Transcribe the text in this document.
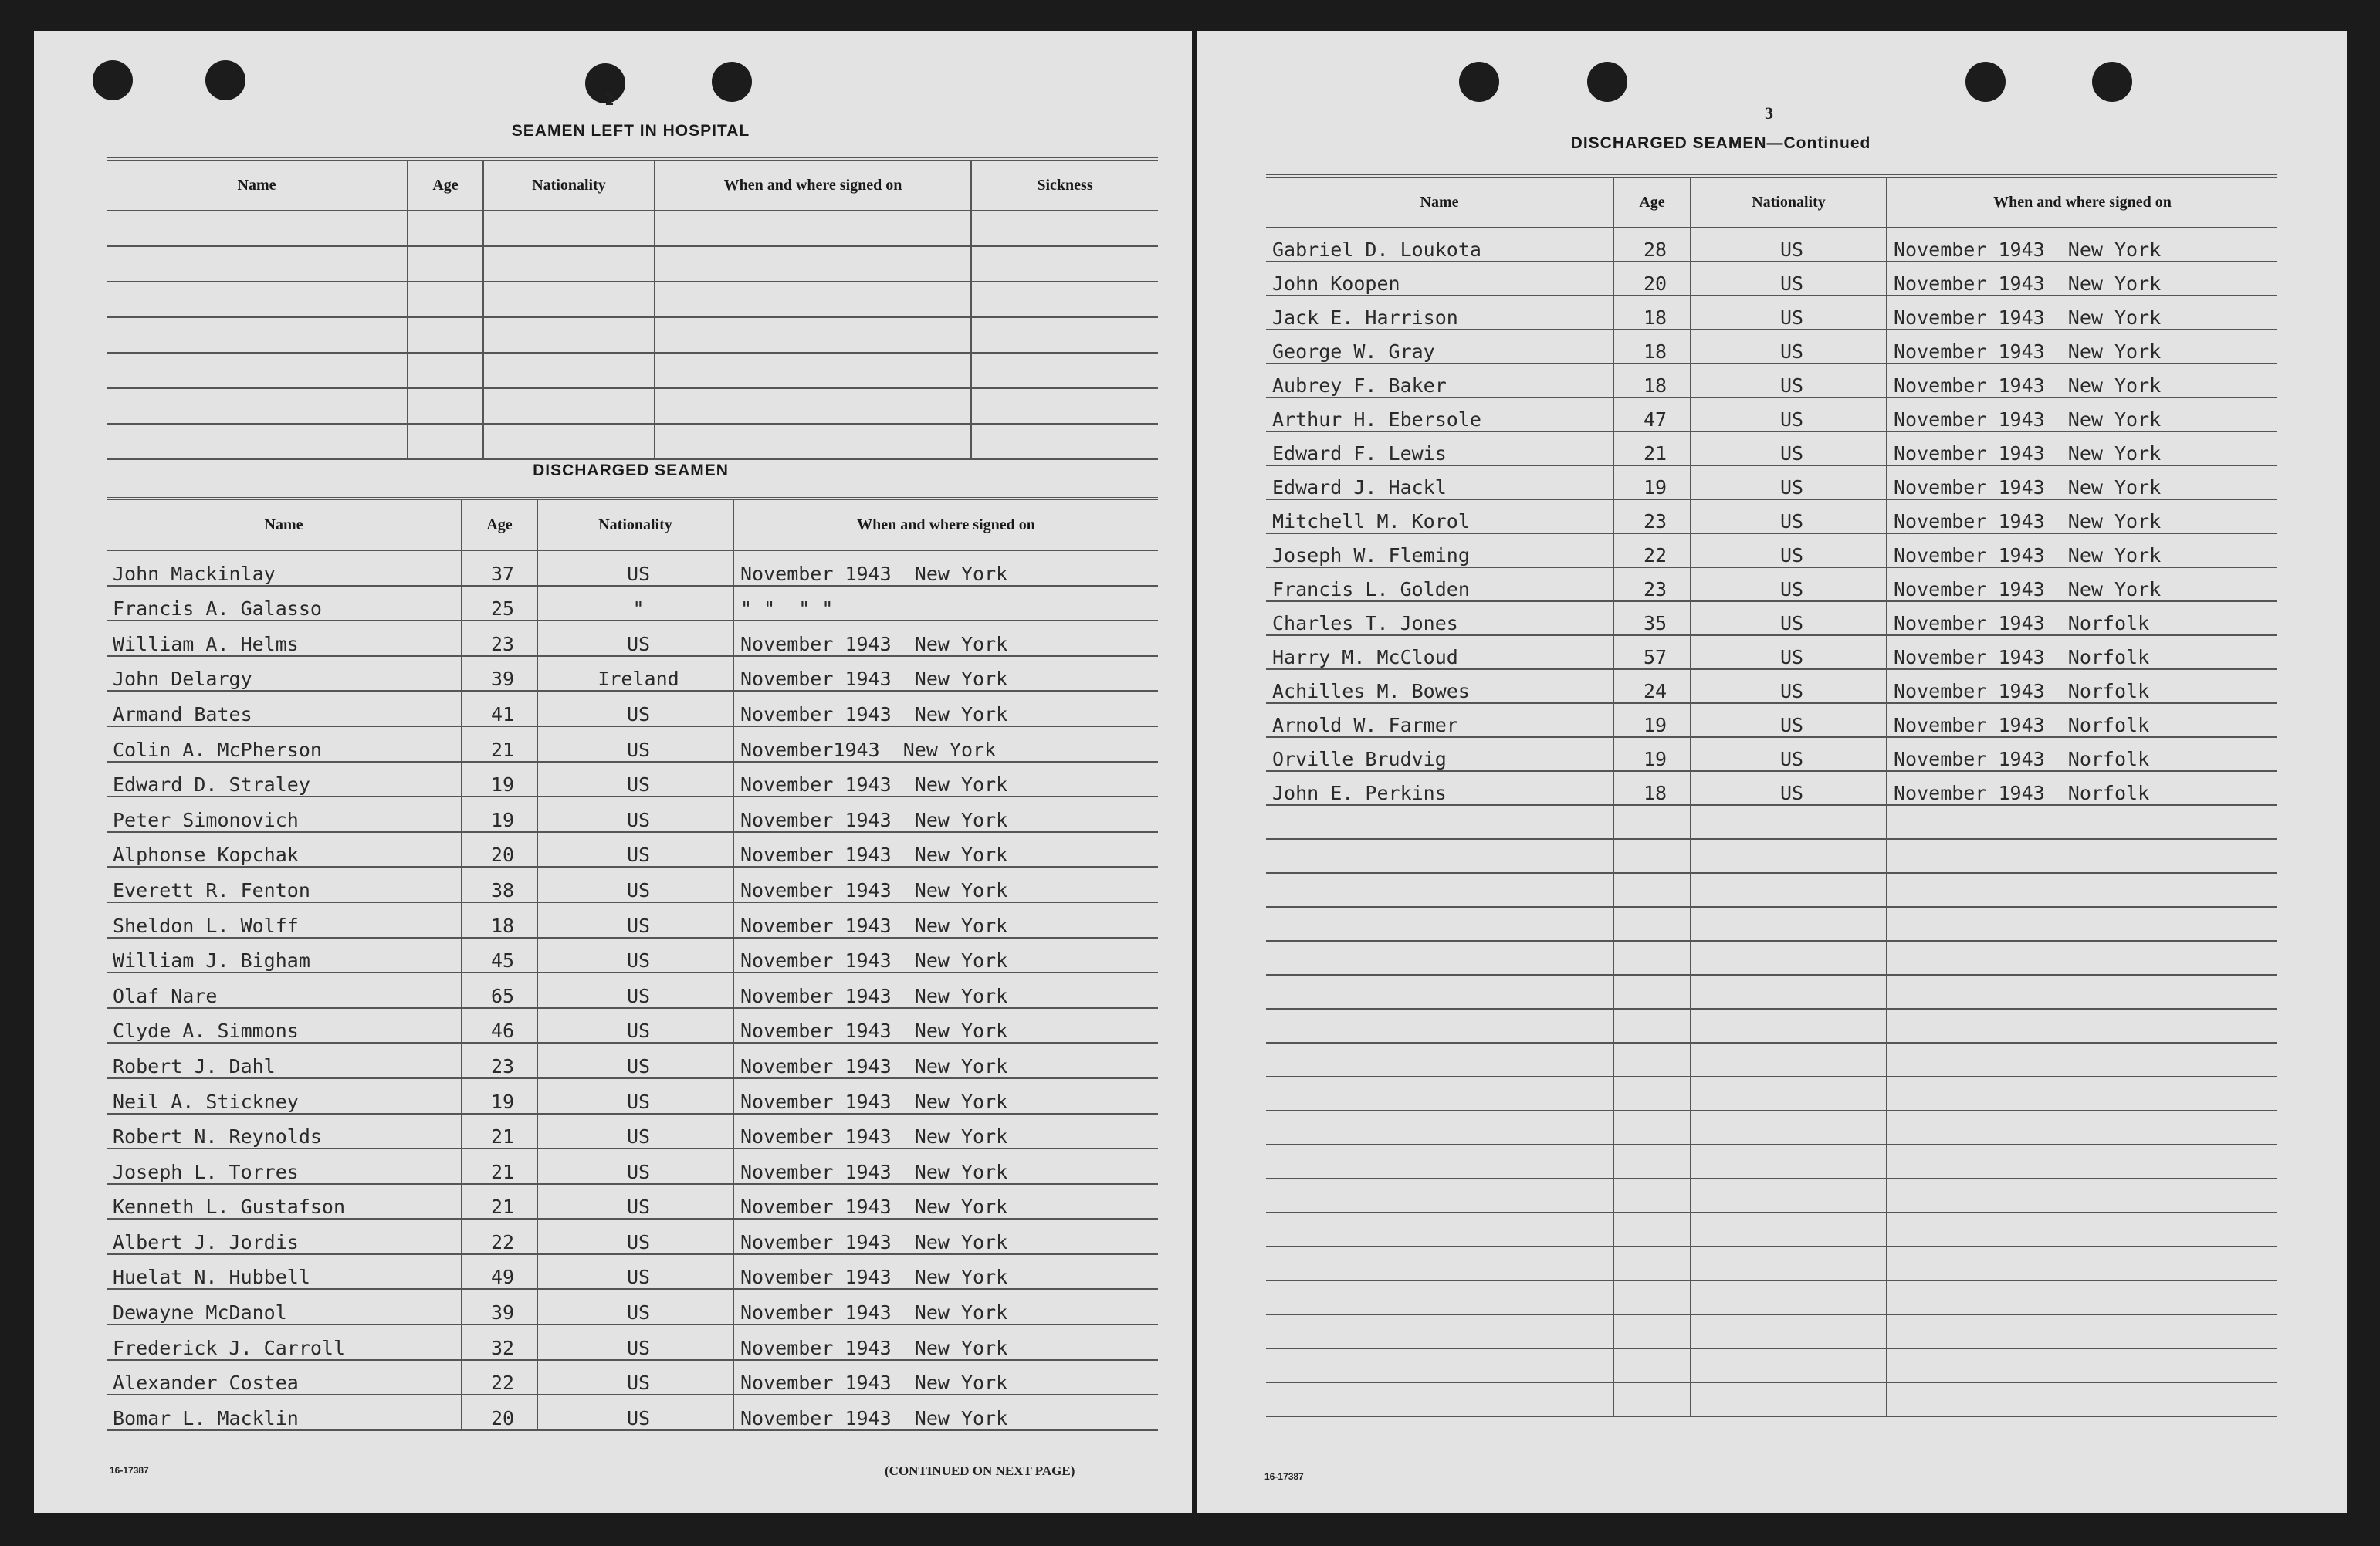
2
SEAMEN LEFT IN HOSPITAL
Name	Age	Nationality	When and where signed on	Sickness

DISCHARGED SEAMEN
Name	Age	Nationality	When and where signed on
John Mackinlay	37	US	November 1943 New York
Francis A. Galasso	25	"	" " " "
William A. Helms	23	US	November 1943 New York
John Delargy	39	Ireland	November 1943 New York
Armand Bates	41	US	November 1943 New York
Colin A. McPherson	21	US	November1943 New York
Edward D. Straley	19	US	November 1943 New York
Peter Simonovich	19	US	November 1943 New York
Alphonse Kopchak	20	US	November 1943 New York
Everett R. Fenton	38	US	November 1943 New York
Sheldon L. Wolff	18	US	November 1943 New York
William J. Bigham	45	US	November 1943 New York
Olaf Nare	65	US	November 1943 New York
Clyde A. Simmons	46	US	November 1943 New York
Robert J. Dahl	23	US	November 1943 New York
Neil A. Stickney	19	US	November 1943 New York
Robert N. Reynolds	21	US	November 1943 New York
Joseph L. Torres	21	US	November 1943 New York
Kenneth L. Gustafson	21	US	November 1943 New York
Albert J. Jordis	22	US	November 1943 New York
Huelat N. Hubbell	49	US	November 1943 New York
Dewayne McDanol	39	US	November 1943 New York
Frederick J. Carroll	32	US	November 1943 New York
Alexander Costea	22	US	November 1943 New York
Bomar L. Macklin	20	US	November 1943 New York
16-17387	(CONTINUED ON NEXT PAGE)
3
DISCHARGED SEAMEN—Continued
Name	Age	Nationality	When and where signed on
Gabriel D. Loukota	28	US	November 1943 New York
John Koopen	20	US	November 1943 New York
Jack E. Harrison	18	US	November 1943 New York
George W. Gray	18	US	November 1943 New York
Aubrey F. Baker	18	US	November 1943 New York
Arthur H. Ebersole	47	US	November 1943 New York
Edward F. Lewis	21	US	November 1943 New York
Edward J. Hackl	19	US	November 1943 New York
Mitchell M. Korol	23	US	November 1943 New York
Joseph W. Fleming	22	US	November 1943 New York
Francis L. Golden	23	US	November 1943 New York
Charles T. Jones	35	US	November 1943 Norfolk
Harry M. McCloud	57	US	November 1943 Norfolk
Achilles M. Bowes	24	US	November 1943 Norfolk
Arnold W. Farmer	19	US	November 1943 Norfolk
Orville Brudvig	19	US	November 1943 Norfolk
John E. Perkins	18	US	November 1943 Norfolk

16-17387
